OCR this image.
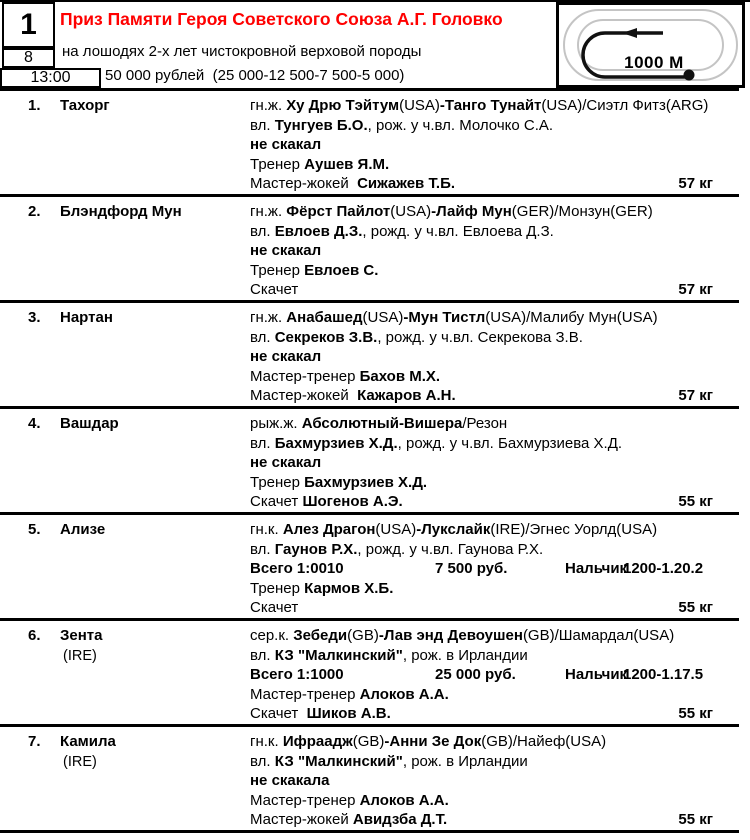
1
8
13:00
Приз Памяти Героя Советского Союза А.Г. Головко
на лошодях 2-х лет чистокровной верховой породы
50 000 рублей  (25 000-12 500-7 500-5 000)
1000 М
1.	Тахорг	гн.ж. Ху Дрю Тэйтум(USA)-Танго Тунайт(USA)/Сиэтл Фитз(ARG)
вл. Тунгуев Б.О., рож. у ч.вл. Молочко С.А.
не скакал
Тренер Аушев Я.М.
Мастер-жокей  Сижажев Т.Б.	57 кг
2.	Блэндфорд Мун	гн.ж. Фёрст Пайлот(USA)-Лайф Мун(GER)/Монзун(GER)
вл. Евлоев Д.З., рожд. у ч.вл. Евлоева Д.З.
не скакал
Тренер Евлоев С.
Скачет	57 кг
3.	Нартан	гн.ж. Анабашед(USA)-Мун Тистл(USA)/Малибу Мун(USA)
вл. Секреков З.В., рожд. у ч.вл. Секрекова З.В.
не скакал
Мастер-тренер Бахов М.Х.
Мастер-жокей  Кажаров А.Н.	57 кг
4.	Вашдар	рыж.ж. Абсолютный-Вишера/Резон
вл. Бахмурзиев Х.Д., рожд. у ч.вл. Бахмурзиева Х.Д.
не скакал
Тренер Бахмурзиев Х.Д.
Скачет Шогенов А.Э.	55 кг
5.	Ализе	гн.к. Алез Драгон(USA)-Лукслайк(IRE)/Эгнес Уорлд(USA)
вл. Гаунов Р.Х., рожд. у ч.вл. Гаунова Р.Х.
Всего 1:0010	7 500 руб.	Нальчик1200-1.20.2
Тренер Кармов Х.Б.
Скачет	55 кг
6.	Зента
(IRE)
сер.к. Зебеди(GB)-Лав энд Девоушен(GB)/Шамардал(USA)
вл. КЗ "Малкинский", рож. в Ирландии
Всего 1:1000	25 000 руб.	Нальчик1200-1.17.5
Мастер-тренер Алоков А.А.
Скачет  Шиков А.В.	55 кг
7.	Камила
(IRE)
гн.к. Ифраадж(GB)-Анни Зе Док(GB)/Найеф(USA)
вл. КЗ "Малкинский", рож. в Ирландии
не скакала
Мастер-тренер Алоков А.А.
Мастер-жокей Авидзба Д.Т.	55 кг
